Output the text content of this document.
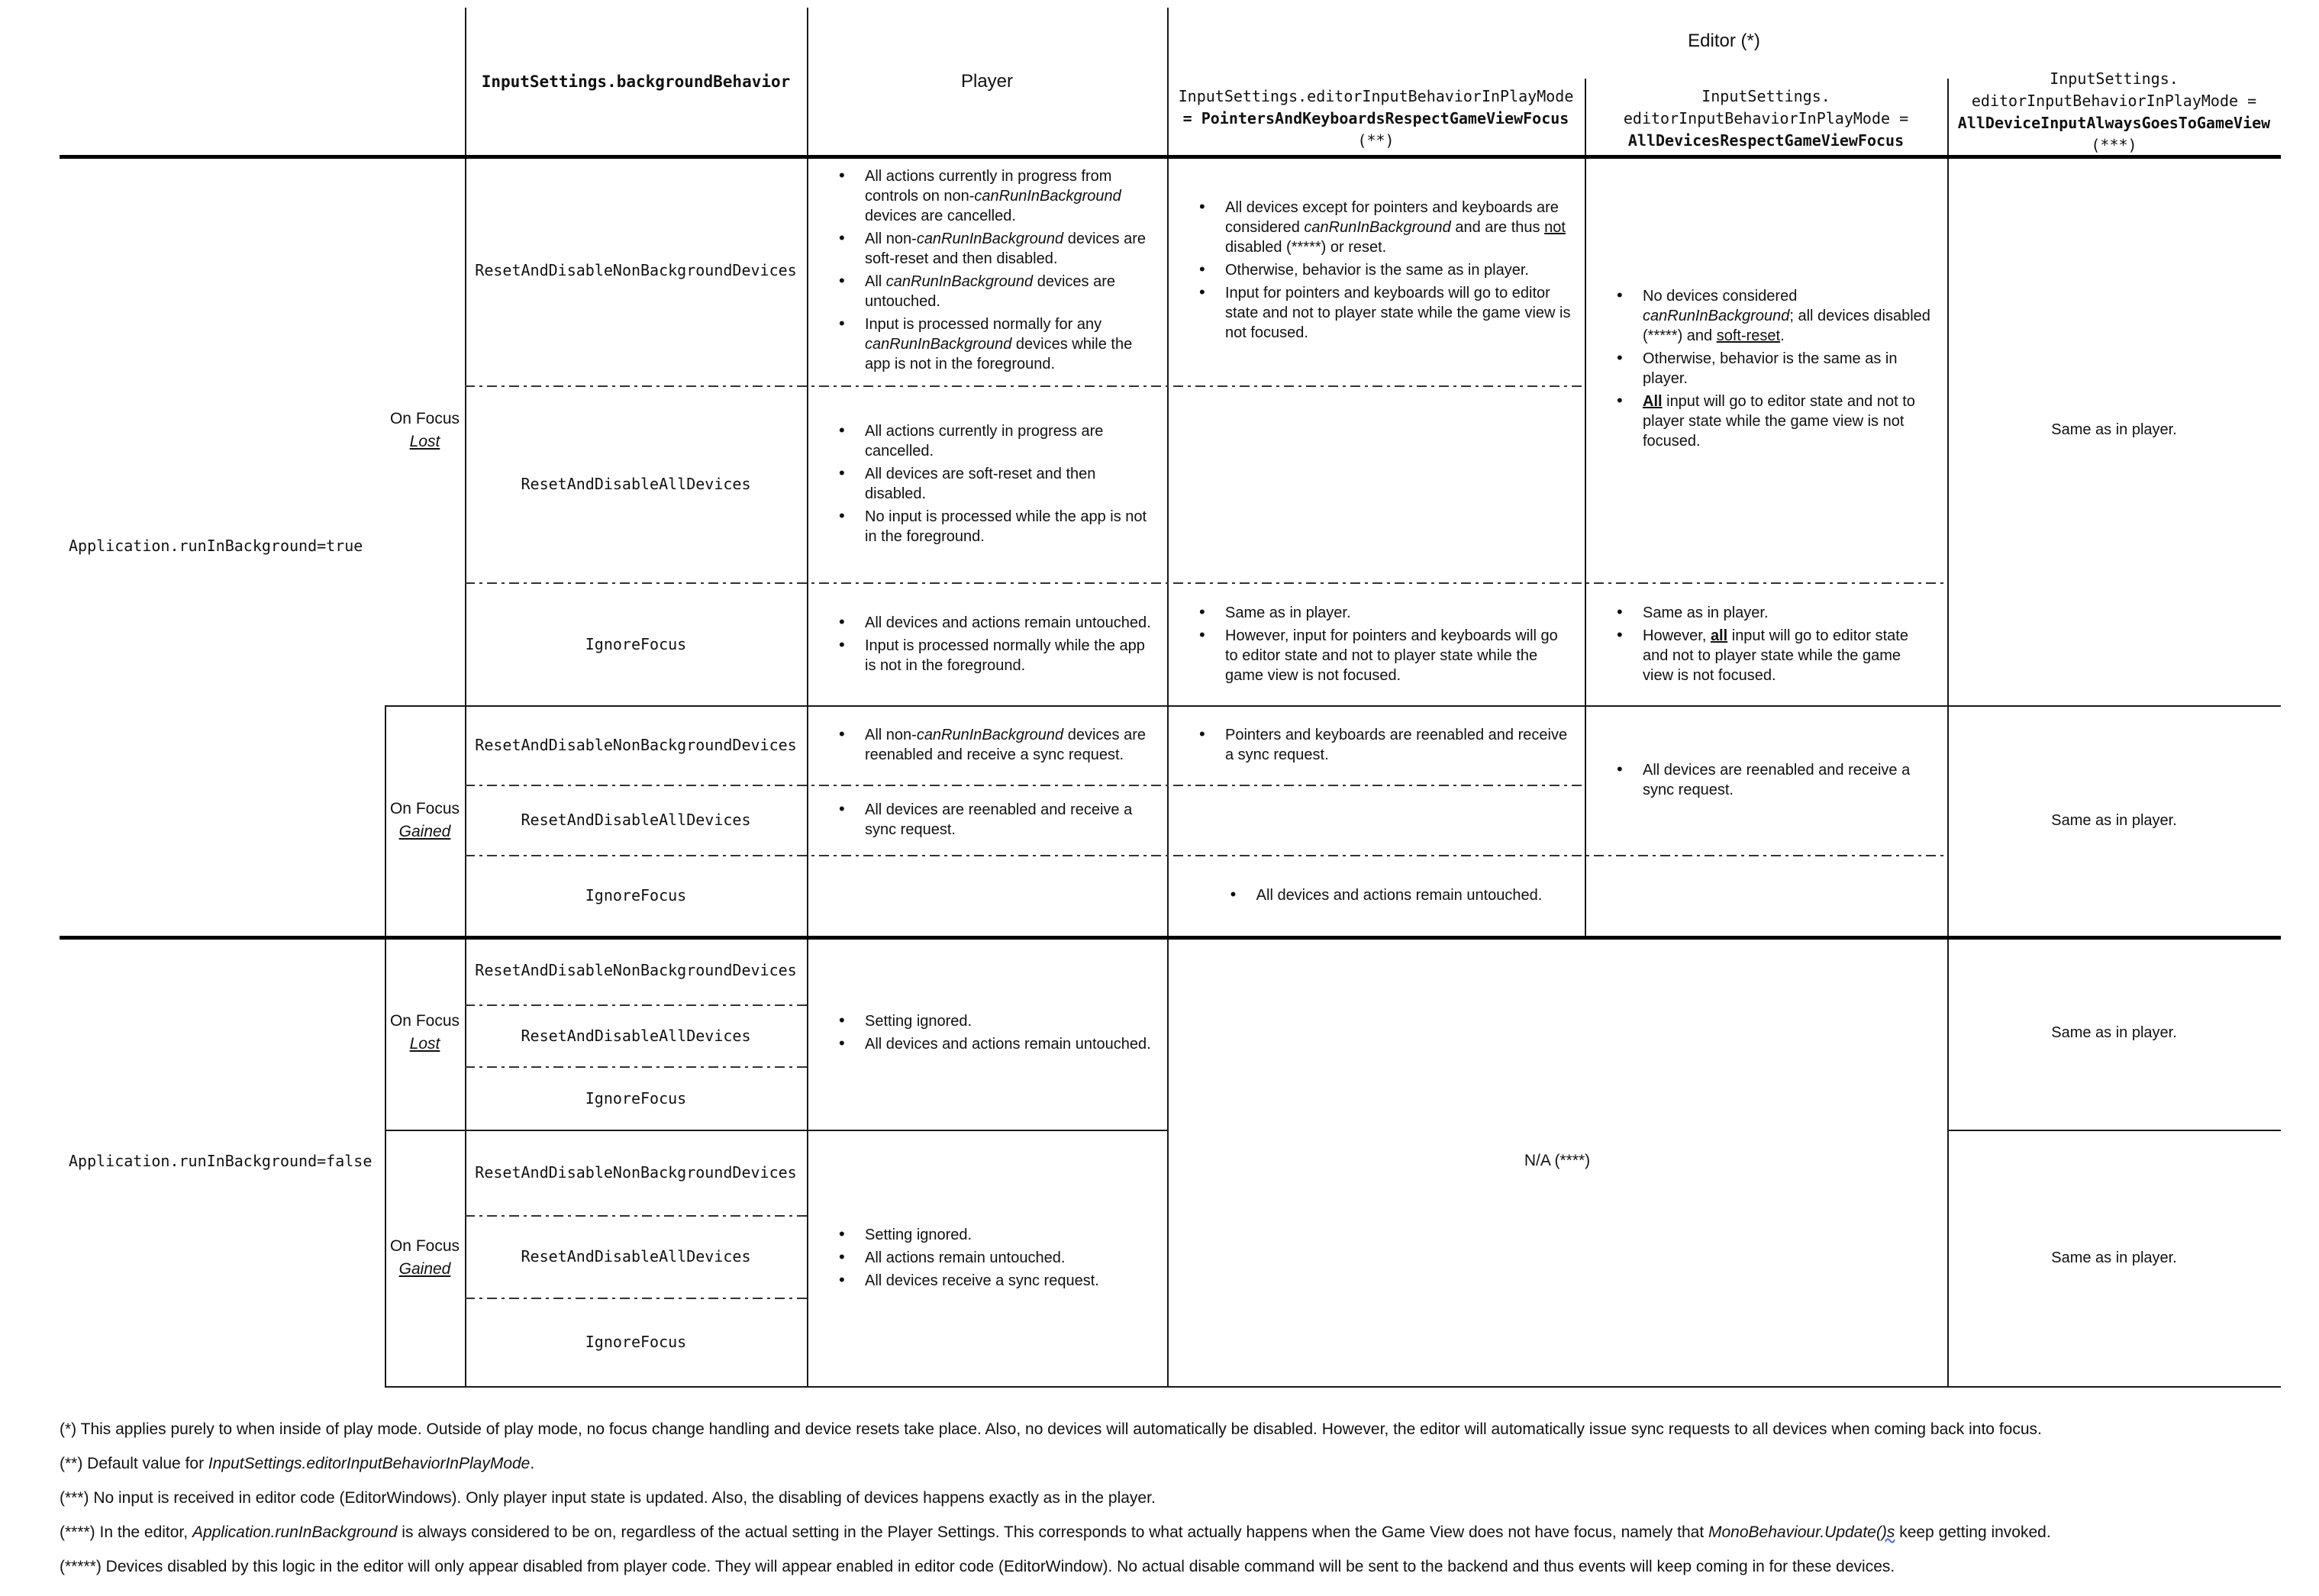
Editor (*)
InputSettings.backgroundBehavior	Player
InputSettings.editorInputBehaviorInPlayMode
= PointersAndKeyboardsRespectGameViewFocus
(**)
InputSettings.
editorInputBehaviorInPlayMode =
AllDevicesRespectGameViewFocus
InputSettings.
editorInputBehaviorInPlayMode =
AllDeviceInputAlwaysGoesToGameView
(***)
Application.runInBackground=true
Application.runInBackground=false
On Focus
Lost
On Focus
Gained
On Focus
Lost
On Focus
Gained
ResetAndDisableNonBackgroundDevices
ResetAndDisableAllDevices
IgnoreFocus
ResetAndDisableNonBackgroundDevices
ResetAndDisableAllDevices
IgnoreFocus
ResetAndDisableNonBackgroundDevices
ResetAndDisableAllDevices
IgnoreFocus
ResetAndDisableNonBackgroundDevices
ResetAndDisableAllDevices
IgnoreFocus
• All actions currently in progress from controls on non-canRunInBackground devices are cancelled.
• All non-canRunInBackground devices are soft-reset and then disabled.
• All canRunInBackground devices are untouched.
• Input is processed normally for any canRunInBackground devices while the app is not in the foreground.
• All actions currently in progress are cancelled.
• All devices are soft-reset and then disabled.
• No input is processed while the app is not in the foreground.
• All devices and actions remain untouched.
• Input is processed normally while the app is not in the foreground.
• All non-canRunInBackground devices are reenabled and receive a sync request.
• All devices are reenabled and receive a sync request.
• All devices and actions remain untouched.
• Setting ignored.
• All devices and actions remain untouched.
• Setting ignored.
• All actions remain untouched.
• All devices receive a sync request.
• All devices except for pointers and keyboards are considered canRunInBackground and are thus not disabled (*****) or reset.
• Otherwise, behavior is the same as in player.
• Input for pointers and keyboards will go to editor state and not to player state while the game view is not focused.
• Same as in player.
• However, input for pointers and keyboards will go to editor state and not to player state while the game view is not focused.
• Pointers and keyboards are reenabled and receive a sync request.
• No devices considered canRunInBackground; all devices disabled (*****) and soft-reset.
• Otherwise, behavior is the same as in player.
• All input will go to editor state and not to player state while the game view is not focused.
• Same as in player.
• However, all input will go to editor state and not to player state while the game view is not focused.
• All devices are reenabled and receive a sync request.
Same as in player.
Same as in player.
Same as in player.
Same as in player.
N/A (****)

(*) This applies purely to when inside of play mode. Outside of play mode, no focus change handling and device resets take place. Also, no devices will automatically be disabled. However, the editor will automatically issue sync requests to all devices when coming back into focus.

(**) Default value for InputSettings.editorInputBehaviorInPlayMode.

(***) No input is received in editor code (EditorWindows). Only player input state is updated. Also, the disabling of devices happens exactly as in the player.

(****) In the editor, Application.runInBackground is always considered to be on, regardless of the actual setting in the Player Settings. This corresponds to what actually happens when the Game View does not have focus, namely that MonoBehaviour.Update()s keep getting invoked.

(*****) Devices disabled by this logic in the editor will only appear disabled from player code. They will appear enabled in editor code (EditorWindow). No actual disable command will be sent to the backend and thus events will keep coming in for these devices.
